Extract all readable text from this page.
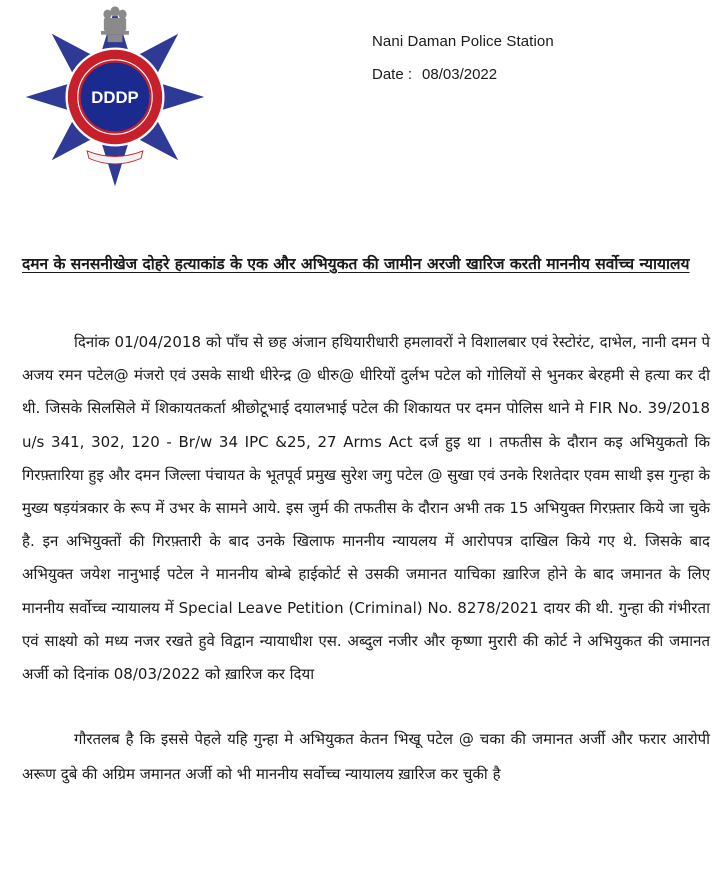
DDDP
Nani Daman Police Station
Date : 08/03/2022
दमन के सनसनीखेज दोहरे हत्याकांड के एक और अभियुकत की जामीन अरजी खारिज करती माननीय सर्वोच्च न्यायालय
दिनांक 01/04/2018 को पाँच से छह अंजान हथियारीधारी हमलावरों ने विशालबार एवं रेस्टोरंट, दाभेल, नानी दमन पे अजय रमन पटेल@ मंजरो एवं उसके साथी धीरेन्द्र @ धीरु@ धीरियों दुर्लभ पटेल को गोलियों से भुनकर बेरहमी से हत्या कर दी थी. जिसके सिलसिले में शिकायतकर्ता श्रीछोटूभाई दयालभाई पटेल की शिकायत पर दमन पोलिस थाने मे FIR No. 39/2018 u/s 341, 302, 120 - Br/w 34 IPC &25, 27 Arms Act दर्ज हुइ था । तफतीस के दौरान कइ अभियुकतो कि गिरफ़्तारिया हुइ और दमन जिल्ला पंचायत के भूतपूर्व प्रमुख सुरेश जगु पटेल @ सुखा एवं उनके रिशतेदार एवम साथी इस गुन्हा के मुख्य षड़यंत्रकार के रूप में उभर के सामने आये. इस जुर्म की तफतीस के दौरान अभी तक 15 अभियुक्त गिरफ़्तार किये जा चुके है. इन अभियुक्तों की गिरफ़्तारी के बाद उनके खिलाफ माननीय न्यायलय में आरोपपत्र दाखिल किये गए थे. जिसके बाद अभियुक्त जयेश नानुभाई पटेल ने माननीय बोम्बे हाईकोर्ट से उसकी जमानत याचिका ख़ारिज होने के बाद जमानत के लिए माननीय सर्वोच्च न्यायालय में Special Leave Petition (Criminal) No. 8278/2021 दायर की थी. गुन्हा की गंभीरता एवं साक्ष्यो को मध्य नजर रखते हुवे विद्वान न्यायाधीश एस. अब्दुल नजीर और कृष्णा मुरारी की कोर्ट ने अभियुकत की जमानत अर्जी को दिनांक 08/03/2022 को ख़ारिज कर दिया
गौरतलब है कि इससे पेहले यहि गुन्हा मे अभियुकत केतन भिखू पटेल @ चका की जमानत अर्जी और फरार आरोपी अरूण दुबे की अग्रिम जमानत अर्जी को भी माननीय सर्वोच्च न्यायालय ख़ारिज कर चुकी है
